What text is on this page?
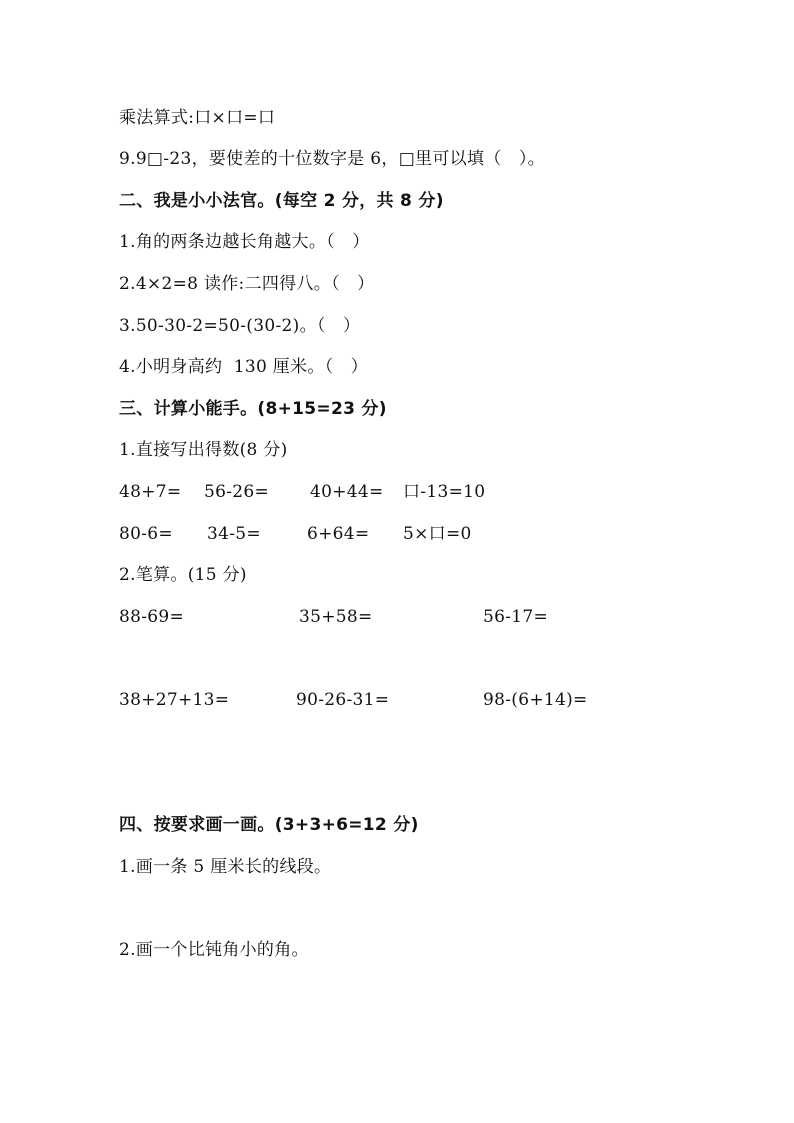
乘法算式:口×口=口
9.9□-23，要使差的十位数字是 6，□里可以填（　）。
二、我是小小法官。(每空 2 分，共 8 分)
1.角的两条边越长角越大。（　）
2.4×2=8 读作:二四得八。（　）
3.50-30-2=50-(30-2)。（　）
4.小明身高约  130 厘米。（　）
三、计算小能手。(8+15=23 分)
1.直接写出得数(8 分)
48+7= 56-26= 40+44= 口-13=10
80-6= 34-5=	6+64= 5×口=0
2.笔算。(15 分)
88-69=	35+58=	56-17=
38+27+13=	90-26-31=	98-(6+14)=
四、按要求画一画。(3+3+6=12 分)
1.画一条 5 厘米长的线段。
2.画一个比钝角小的角。
